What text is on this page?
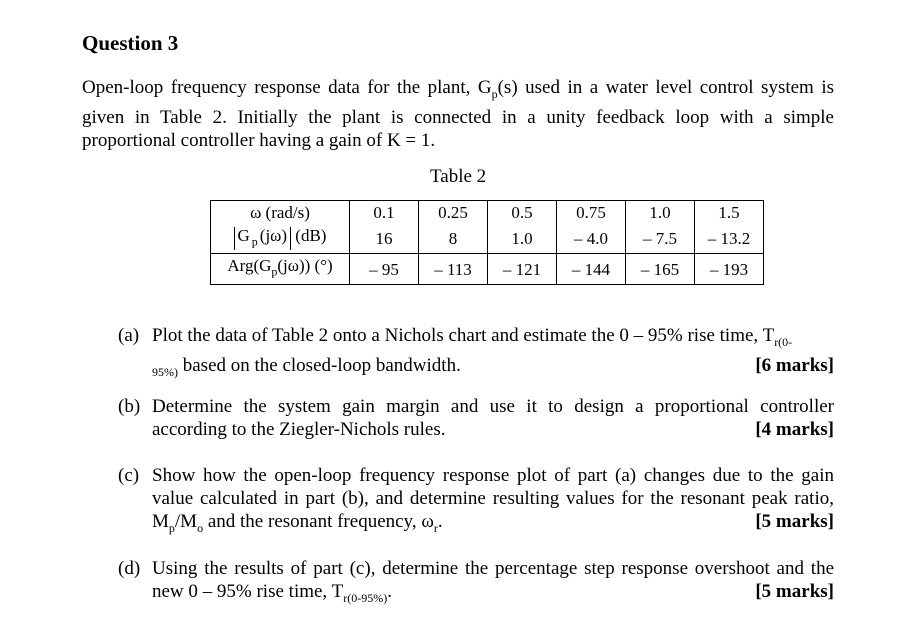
Question 3
Open-loop frequency response data for the plant, $G_p(s)$ used in a water level control system is given in Table 2. Initially the plant is connected in a unity feedback loop with a simple proportional controller having a gain of K = 1.
Table 2
ω (rad/s)	0.1	0.25	0.5	0.75	1.0	1.5
G $_p$ (jω) (dB)	16	8	1.0	– 4.0	– 7.5	– 13.2
$Arg(G_p(j\omega))$ (°)	– 95	– 113	– 121	– 144	– 165	– 193
(a) Plot the data of Table 2 onto a Nichols chart and estimate the 0 – 95% rise time, $T_{r(0-}$
$_{95\%)}$ based on the closed-loop bandwidth.	[6 marks]
(b) Determine the system gain margin and use it to design a proportional controller according to the Ziegler-Nichols rules.	[4 marks]
(c) Show how the open-loop frequency response plot of part (a) changes due to the gain value calculated in part (b), and determine resulting values for the resonant peak ratio, $M_p/M_o$ and the resonant frequency, $\omega_r$.	[5 marks]
(d) Using the results of part (c), determine the percentage step response overshoot and the new 0 – 95% rise time, $T_{r(0-95\%)}$.	[5 marks]
